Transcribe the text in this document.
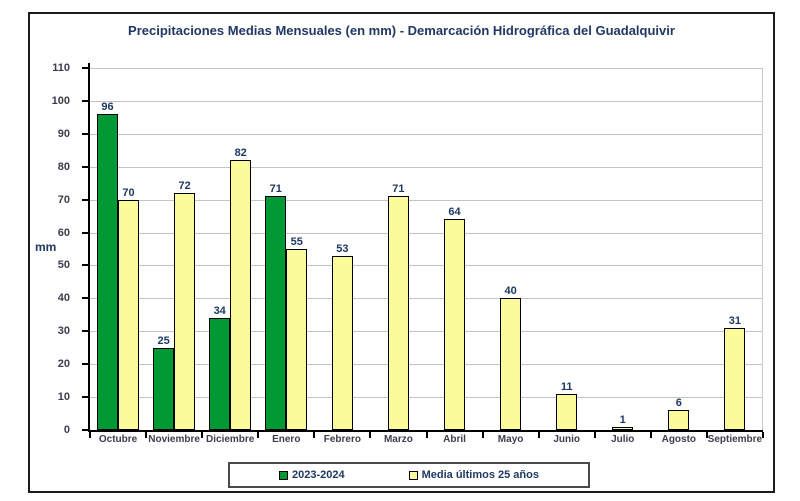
Precipitaciones Medias Mensuales (en mm) - Demarcación Hidrográfica del Guadalquivir
mm
0
10
20
30
40
50
60
70
80
90
100
110
96
70
25
72
34
82
71
55
53
71
64
40
11
1
6
31
Octubre	Noviembre Diciembre	Enero	Febrero	Marzo	Abril	Mayo	Junio	Julio	Agosto	Septiembre
2023-2024	Media últimos 25 años
